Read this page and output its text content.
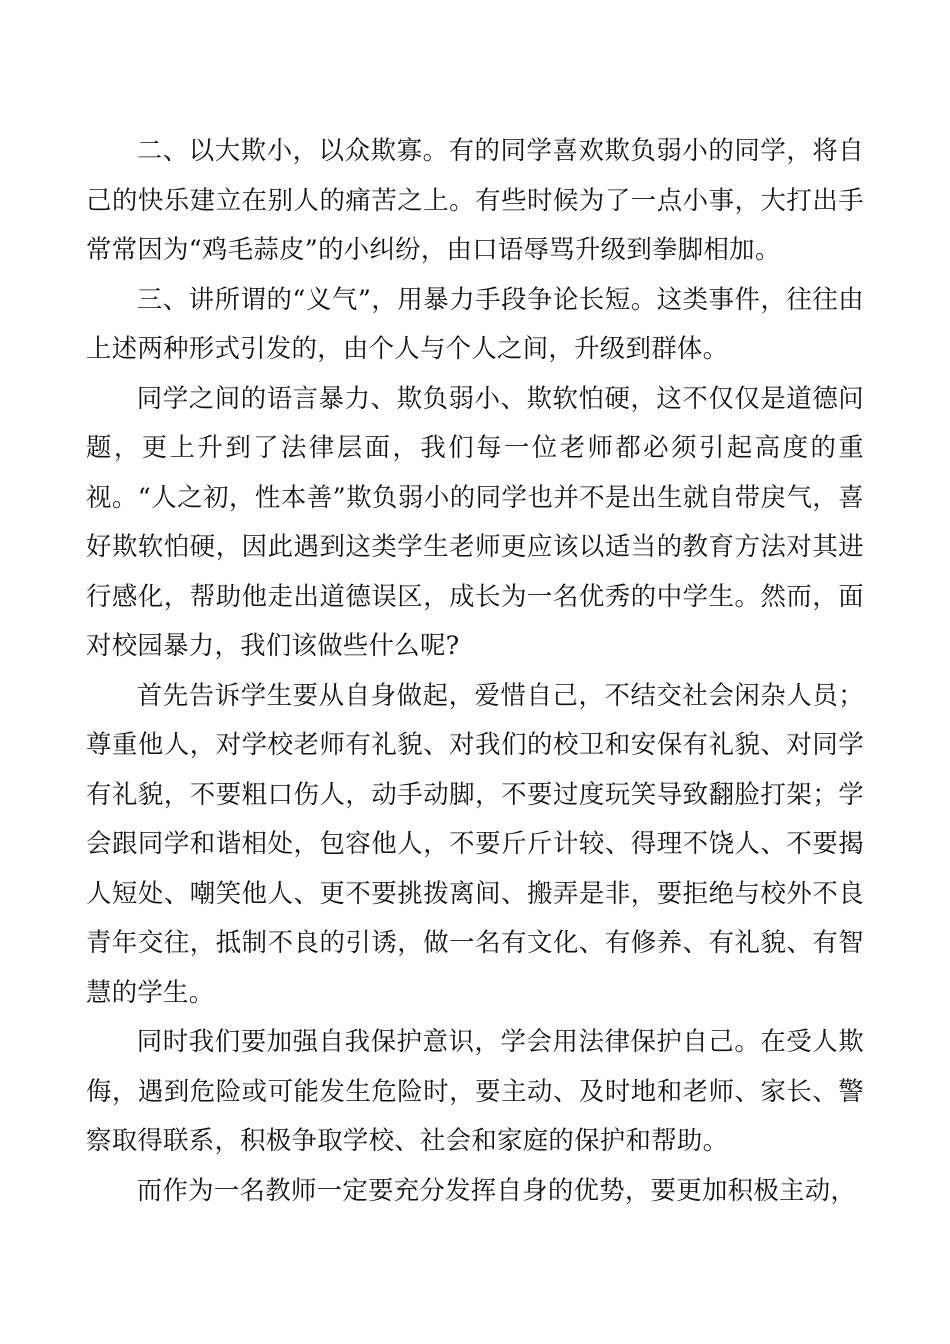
二、以大欺小，以众欺寡。有的同学喜欢欺负弱小的同学，将自己的快乐建立在别人的痛苦之上。有些时候为了一点小事，大打出手常常因为“鸡毛蒜皮”的小纠纷，由口语辱骂升级到拳脚相加。

三、讲所谓的“义气”，用暴力手段争论长短。这类事件，往往由上述两种形式引发的，由个人与个人之间，升级到群体。

同学之间的语言暴力、欺负弱小、欺软怕硬，这不仅仅是道德问题，更上升到了法律层面，我们每一位老师都必须引起高度的重视。“人之初，性本善”欺负弱小的同学也并不是出生就自带戾气，喜好欺软怕硬，因此遇到这类学生老师更应该以适当的教育方法对其进行感化，帮助他走出道德误区，成长为一名优秀的中学生。然而，面对校园暴力，我们该做些什么呢?

首先告诉学生要从自身做起，爱惜自己，不结交社会闲杂人员；尊重他人，对学校老师有礼貌、对我们的校卫和安保有礼貌、对同学有礼貌，不要粗口伤人，动手动脚，不要过度玩笑导致翻脸打架；学会跟同学和谐相处，包容他人，不要斤斤计较、得理不饶人、不要揭人短处、嘲笑他人、更不要挑拨离间、搬弄是非，要拒绝与校外不良青年交往，抵制不良的引诱，做一名有文化、有修养、有礼貌、有智慧的学生。

同时我们要加强自我保护意识，学会用法律保护自己。在受人欺侮，遇到危险或可能发生危险时，要主动、及时地和老师、家长、警察取得联系，积极争取学校、社会和家庭的保护和帮助。

而作为一名教师一定要充分发挥自身的优势，要更加积极主动，
